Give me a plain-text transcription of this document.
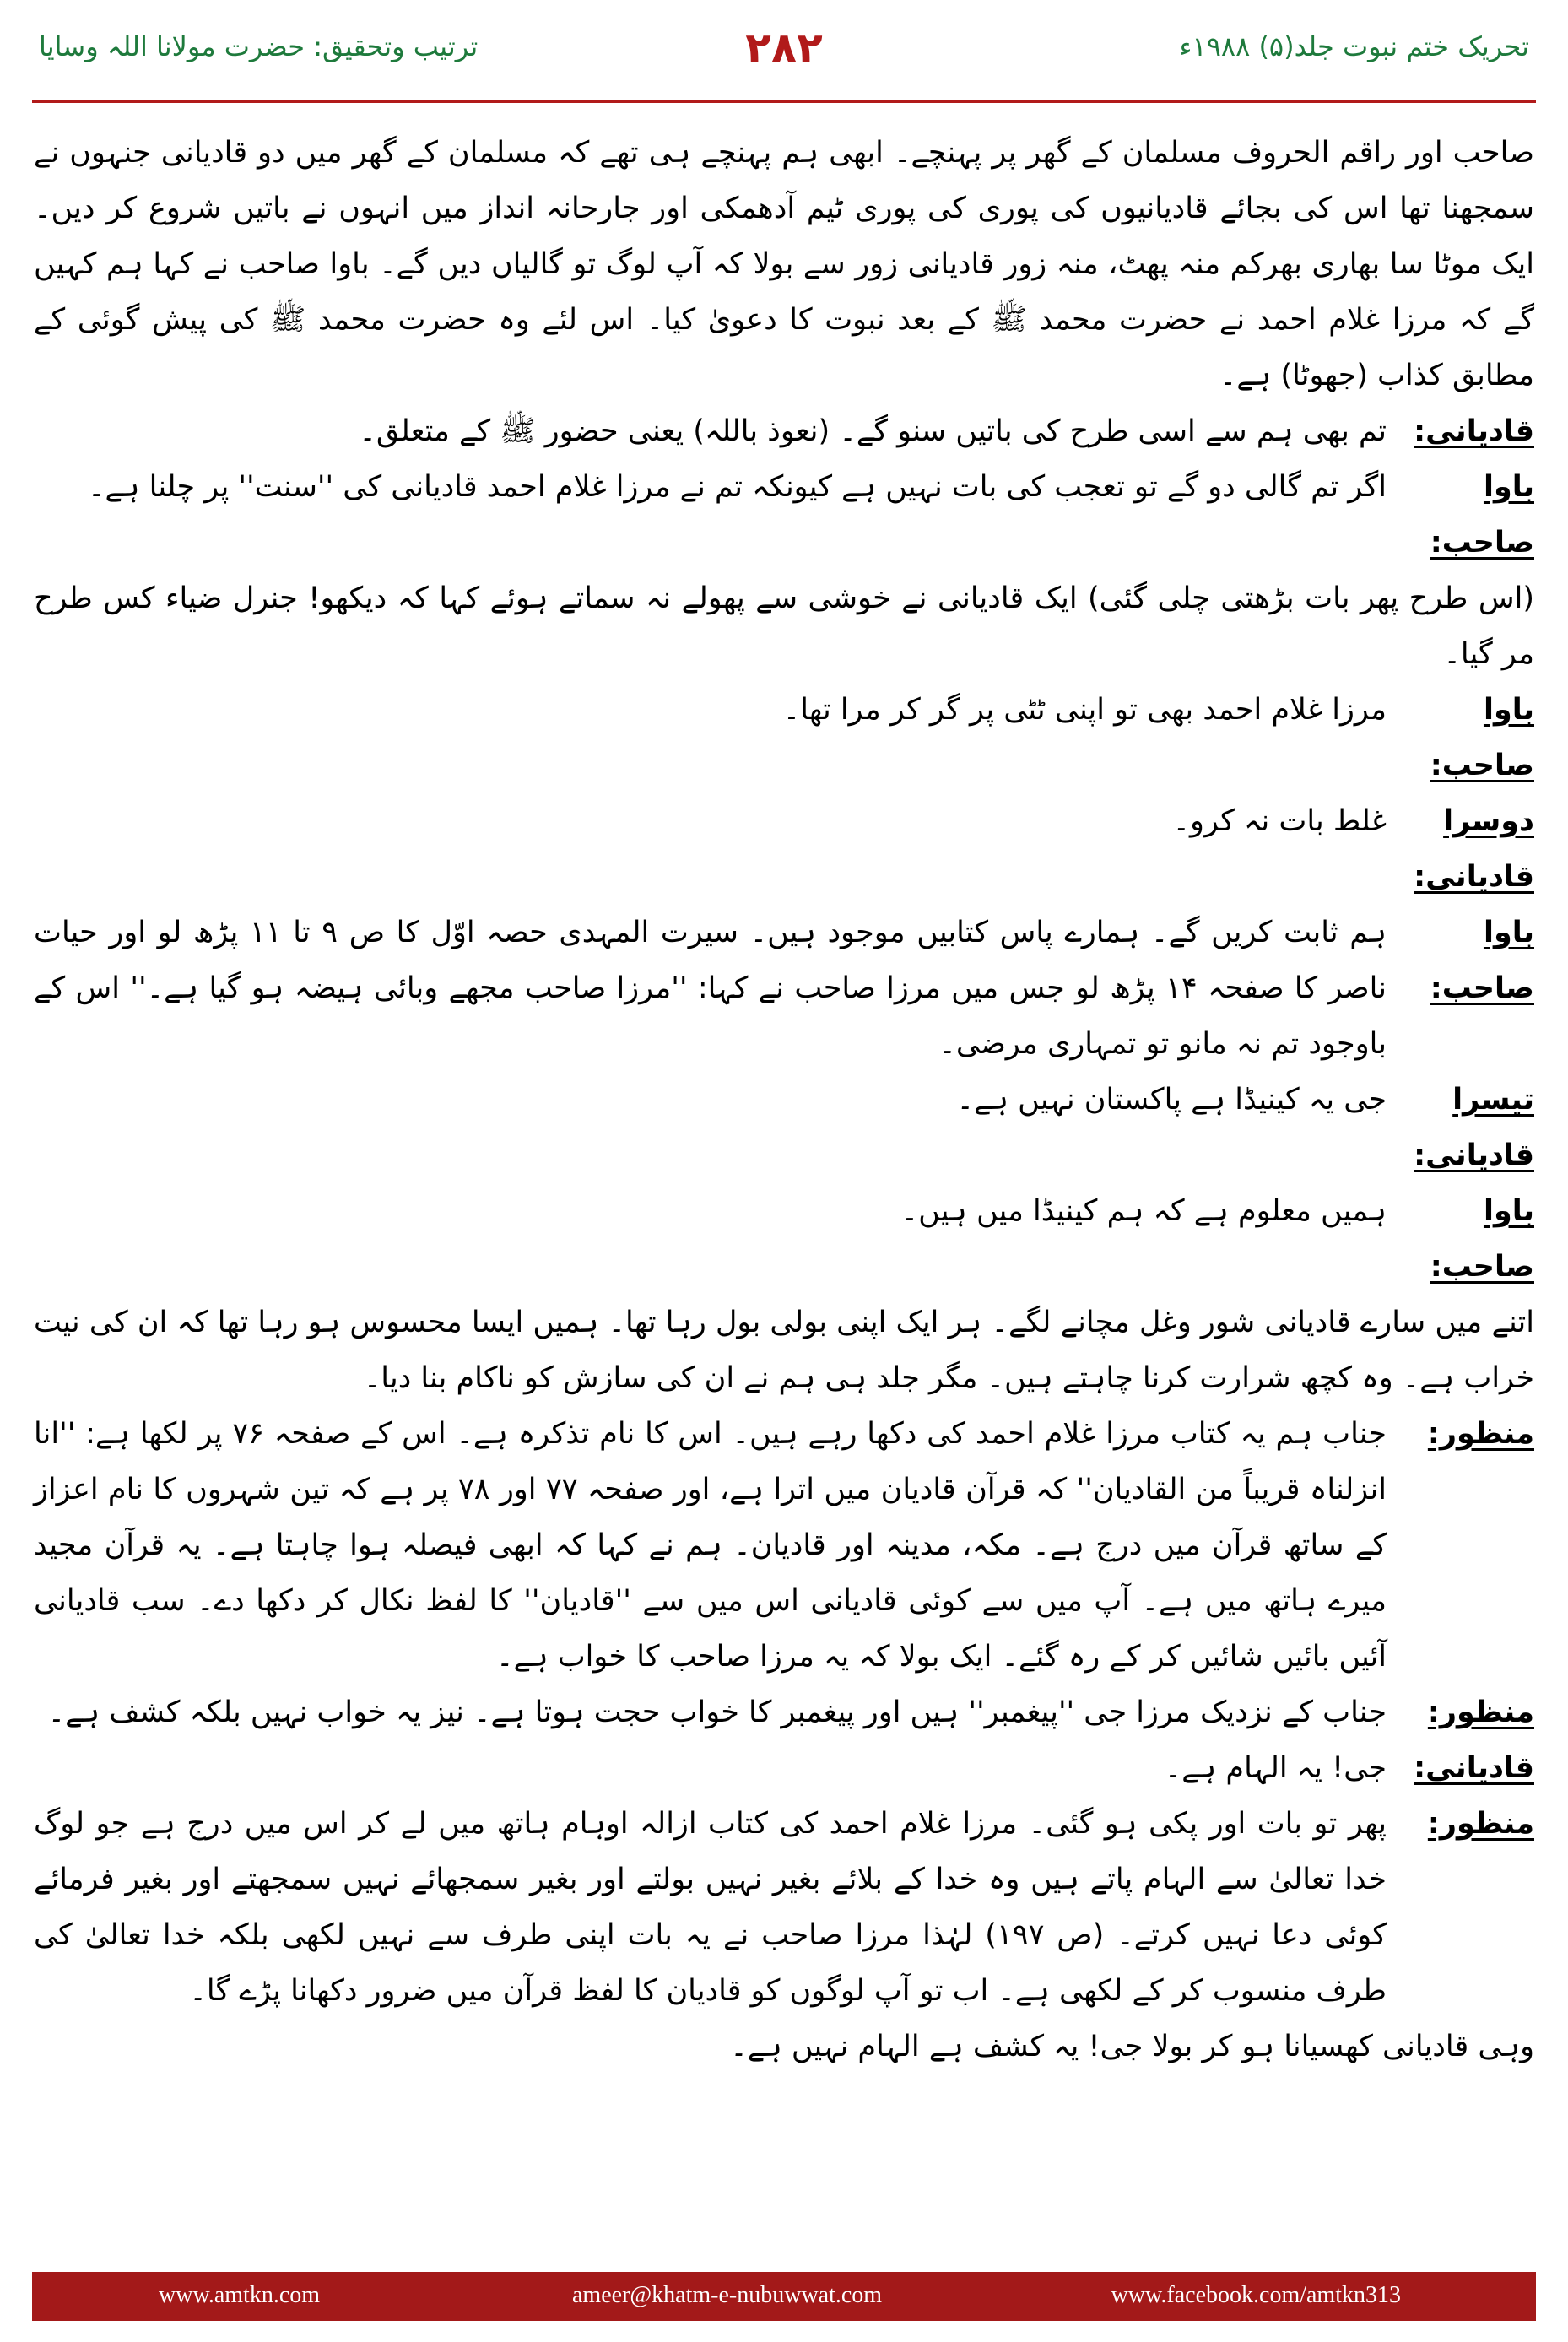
ترتیب وتحقیق: حضرت مولانا اللہ وسایا	۲۸۲	تحریک ختم نبوت جلد(۵) ۱۹۸۸ء

صاحب اور راقم الحروف مسلمان کے گھر پر پہنچے۔ ابھی ہم پہنچے ہی تھے کہ مسلمان کے گھر میں دو قادیانی جنہوں نے سمجھنا تھا اس کی بجائے قادیانیوں کی پوری کی پوری ٹیم آدھمکی اور جارحانہ انداز میں انہوں نے باتیں شروع کر دیں۔ ایک موٹا سا بھاری بھرکم منہ پھٹ، منہ زور قادیانی زور سے بولا کہ آپ لوگ تو گالیاں دیں گے۔ باوا صاحب نے کہا ہم کہیں گے کہ مرزا غلام احمد نے حضرت محمد ﷺ کے بعد نبوت کا دعویٰ کیا۔ اس لئے وہ حضرت محمد ﷺ کی پیش گوئی کے مطابق کذاب (جھوٹا) ہے۔

قادیانی:
تم بھی ہم سے اسی طرح کی باتیں سنو گے۔ (نعوذ باللہ) یعنی حضور ﷺ کے متعلق۔
باوا صاحب:
اگر تم گالی دو گے تو تعجب کی بات نہیں ہے کیونکہ تم نے مرزا غلام احمد قادیانی کی ''سنت'' پر چلنا ہے۔

(اس طرح پھر بات بڑھتی چلی گئی) ایک قادیانی نے خوشی سے پھولے نہ سماتے ہوئے کہا کہ دیکھو! جنرل ضیاء کس طرح مر گیا۔

باوا صاحب:
مرزا غلام احمد بھی تو اپنی ٹٹی پر گر کر مرا تھا۔
دوسرا قادیانی:
غلط بات نہ کرو۔
باوا صاحب:
ہم ثابت کریں گے۔ ہمارے پاس کتابیں موجود ہیں۔ سیرت المہدی حصہ اوّل کا ص ۹ تا ۱۱ پڑھ لو اور حیات ناصر کا صفحہ ۱۴ پڑھ لو جس میں مرزا صاحب نے کہا: ''مرزا صاحب مجھے وبائی ہیضہ ہو گیا ہے۔'' اس کے باوجود تم نہ مانو تو تمہاری مرضی۔
تیسرا قادیانی:
جی یہ کینیڈا ہے پاکستان نہیں ہے۔
باوا صاحب:
ہمیں معلوم ہے کہ ہم کینیڈا میں ہیں۔

اتنے میں سارے قادیانی شور وغل مچانے لگے۔ ہر ایک اپنی بولی بول رہا تھا۔ ہمیں ایسا محسوس ہو رہا تھا کہ ان کی نیت خراب ہے۔ وہ کچھ شرارت کرنا چاہتے ہیں۔ مگر جلد ہی ہم نے ان کی سازش کو ناکام بنا دیا۔

منظور:
جناب ہم یہ کتاب مرزا غلام احمد کی دکھا رہے ہیں۔ اس کا نام تذکرہ ہے۔ اس کے صفحہ ۷۶ پر لکھا ہے: ''انا انزلناہ قریباً من القادیان'' کہ قرآن قادیان میں اترا ہے، اور صفحہ ۷۷ اور ۷۸ پر ہے کہ تین شہروں کا نام اعزاز کے ساتھ قرآن میں درج ہے۔ مکہ، مدینہ اور قادیان۔ ہم نے کہا کہ ابھی فیصلہ ہوا چاہتا ہے۔ یہ قرآن مجید میرے ہاتھ میں ہے۔ آپ میں سے کوئی قادیانی اس میں سے ''قادیان'' کا لفظ نکال کر دکھا دے۔ سب قادیانی آئیں بائیں شائیں کر کے رہ گئے۔ ایک بولا کہ یہ مرزا صاحب کا خواب ہے۔
منظور:
جناب کے نزدیک مرزا جی ''پیغمبر'' ہیں اور پیغمبر کا خواب حجت ہوتا ہے۔ نیز یہ خواب نہیں بلکہ کشف ہے۔
قادیانی:
جی! یہ الہام ہے۔
منظور:
پھر تو بات اور پکی ہو گئی۔ مرزا غلام احمد کی کتاب ازالہ اوہام ہاتھ میں لے کر اس میں درج ہے جو لوگ خدا تعالیٰ سے الہام پاتے ہیں وہ خدا کے بلائے بغیر نہیں بولتے اور بغیر سمجھائے نہیں سمجھتے اور بغیر فرمائے کوئی دعا نہیں کرتے۔ (ص ۱۹۷) لہٰذا مرزا صاحب نے یہ بات اپنی طرف سے نہیں لکھی بلکہ خدا تعالیٰ کی طرف منسوب کر کے لکھی ہے۔ اب تو آپ لوگوں کو قادیان کا لفظ قرآن میں ضرور دکھانا پڑے گا۔

وہی قادیانی کھسیانا ہو کر بولا جی! یہ کشف ہے الہام نہیں ہے۔

www.amtkn.com	ameer@khatm-e-nubuwwat.com	www.facebook.com/amtkn313
